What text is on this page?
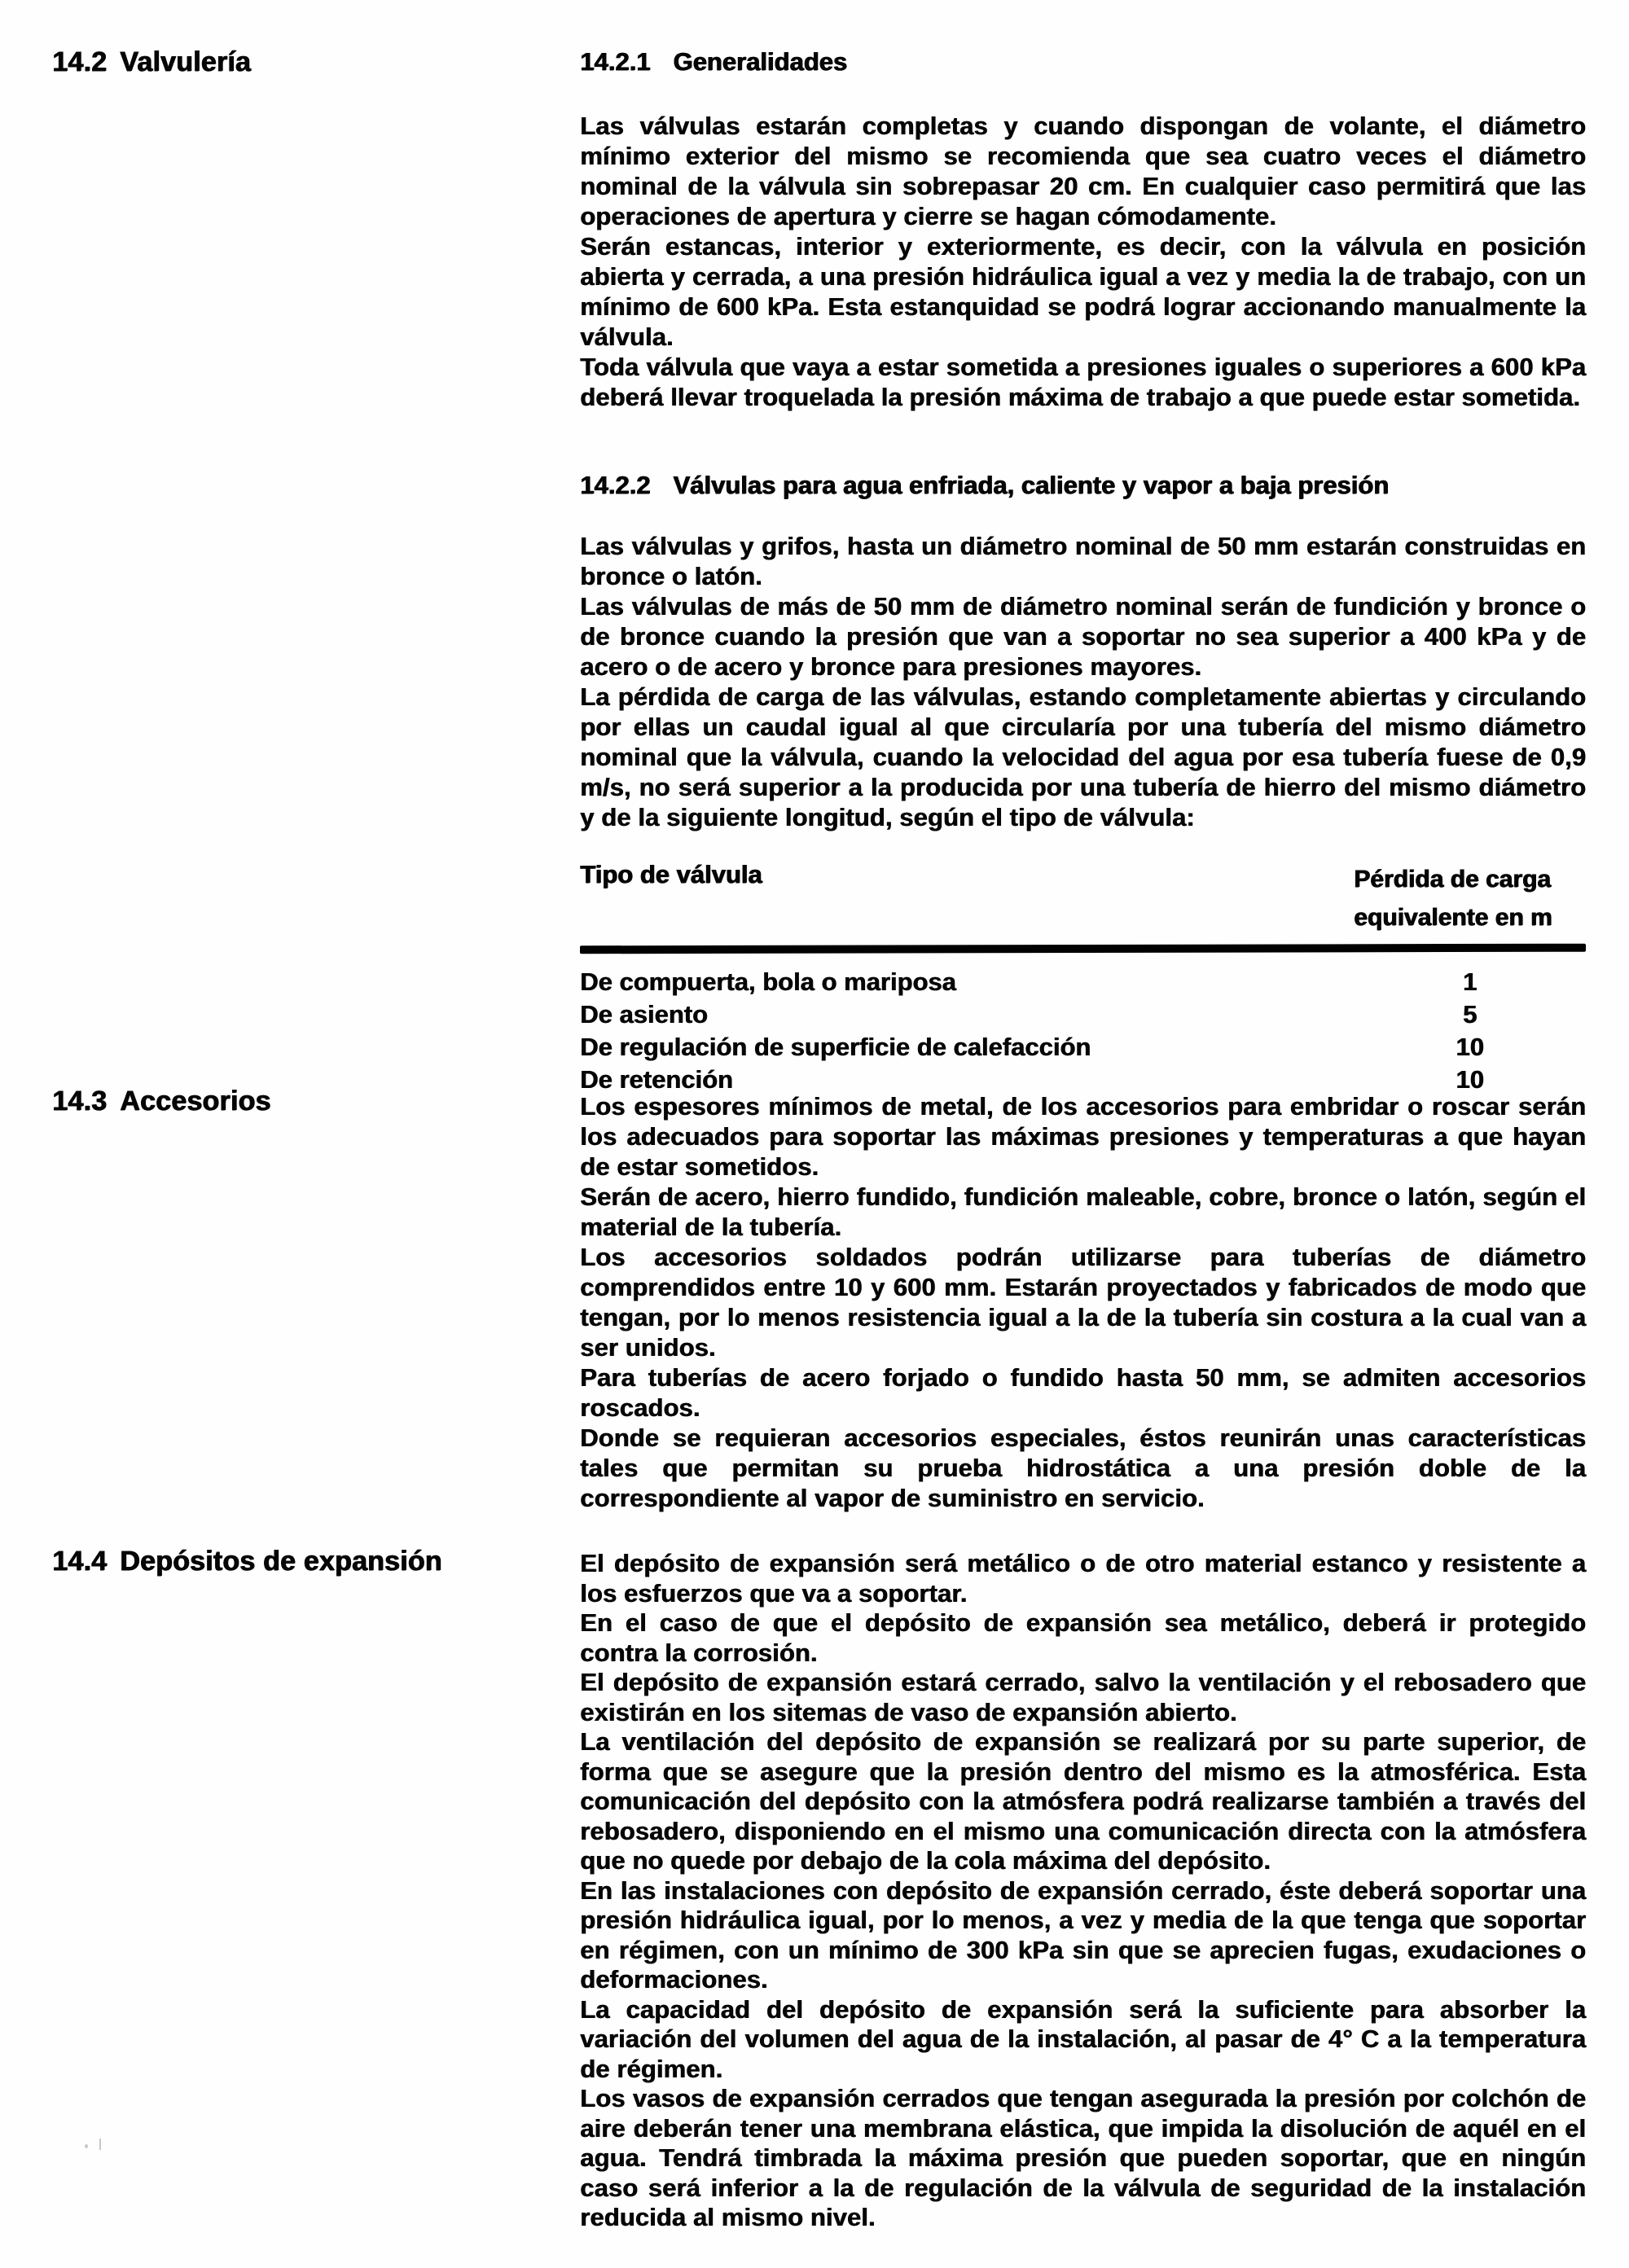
14.2 Valvulería
14.3 Accesorios
14.4 Depósitos de expansión
14.2.1 Generalidades

Las válvulas estarán completas y cuando dispongan de volante, el diámetro mínimo exterior del mismo se recomienda que sea cuatro veces el diámetro nominal de la válvula sin sobrepasar 20 cm. En cualquier caso permitirá que las operaciones de apertura y cierre se hagan cómodamente.

Serán estancas, interior y exteriormente, es decir, con la válvula en posición abierta y cerrada, a una presión hidráulica igual a vez y media la de trabajo, con un mínimo de 600 kPa. Esta estanquidad se podrá lograr accionando manualmente la válvula.

Toda válvula que vaya a estar sometida a presiones iguales o superiores a 600 kPa deberá llevar troquelada la presión máxima de trabajo a que puede estar sometida.

14.2.2 Válvulas para agua enfriada, caliente y vapor a baja presión

Las válvulas y grifos, hasta un diámetro nominal de 50 mm estarán construidas en bronce o latón.

Las válvulas de más de 50 mm de diámetro nominal serán de fundición y bronce o de bronce cuando la presión que van a soportar no sea superior a 400 kPa y de acero o de acero y bronce para presiones mayores.

La pérdida de carga de las válvulas, estando completamente abiertas y circulando por ellas un caudal igual al que circularía por una tubería del mismo diámetro nominal que la válvula, cuando la velocidad del agua por esa tubería fuese de 0,9 m/s, no será superior a la producida por una tubería de hierro del mismo diámetro y de la siguiente longitud, según el tipo de válvula:

Tipo de válvula	Pérdida de carga
equivalente en m
De compuerta, bola o mariposa	1
De asiento	5
De regulación de superficie de calefacción	10
De retención	10

Los espesores mínimos de metal, de los accesorios para embridar o roscar serán los adecuados para soportar las máximas presiones y temperaturas a que hayan de estar sometidos.

Serán de acero, hierro fundido, fundición maleable, cobre, bronce o latón, según el material de la tubería.

Los accesorios soldados podrán utilizarse para tuberías de diámetro comprendidos entre 10 y 600 mm. Estarán proyectados y fabricados de modo que tengan, por lo menos resistencia igual a la de la tubería sin costura a la cual van a ser unidos.

Para tuberías de acero forjado o fundido hasta 50 mm, se admiten accesorios roscados.

Donde se requieran accesorios especiales, éstos reunirán unas características tales que permitan su prueba hidrostática a una presión doble de la correspondiente al vapor de suministro en servicio.

El depósito de expansión será metálico o de otro material estanco y resistente a los esfuerzos que va a soportar.

En el caso de que el depósito de expansión sea metálico, deberá ir protegido contra la corrosión.

El depósito de expansión estará cerrado, salvo la ventilación y el rebosadero que existirán en los sitemas de vaso de expansión abierto.

La ventilación del depósito de expansión se realizará por su parte superior, de forma que se asegure que la presión dentro del mismo es la atmosférica. Esta comunicación del depósito con la atmósfera podrá realizarse también a través del rebosadero, disponiendo en el mismo una comunicación directa con la atmósfera que no quede por debajo de la cola máxima del depósito.

En las instalaciones con depósito de expansión cerrado, éste deberá soportar una presión hidráulica igual, por lo menos, a vez y media de la que tenga que soportar en régimen, con un mínimo de 300 kPa sin que se aprecien fugas, exudaciones o deformaciones.

La capacidad del depósito de expansión será la suficiente para absorber la variación del volumen del agua de la instalación, al pasar de 4° C a la temperatura de régimen.

Los vasos de expansión cerrados que tengan asegurada la presión por colchón de aire deberán tener una membrana elástica, que impida la disolución de aquél en el agua. Tendrá timbrada la máxima presión que pueden soportar, que en ningún caso será inferior a la de regulación de la válvula de seguridad de la instalación reducida al mismo nivel.
